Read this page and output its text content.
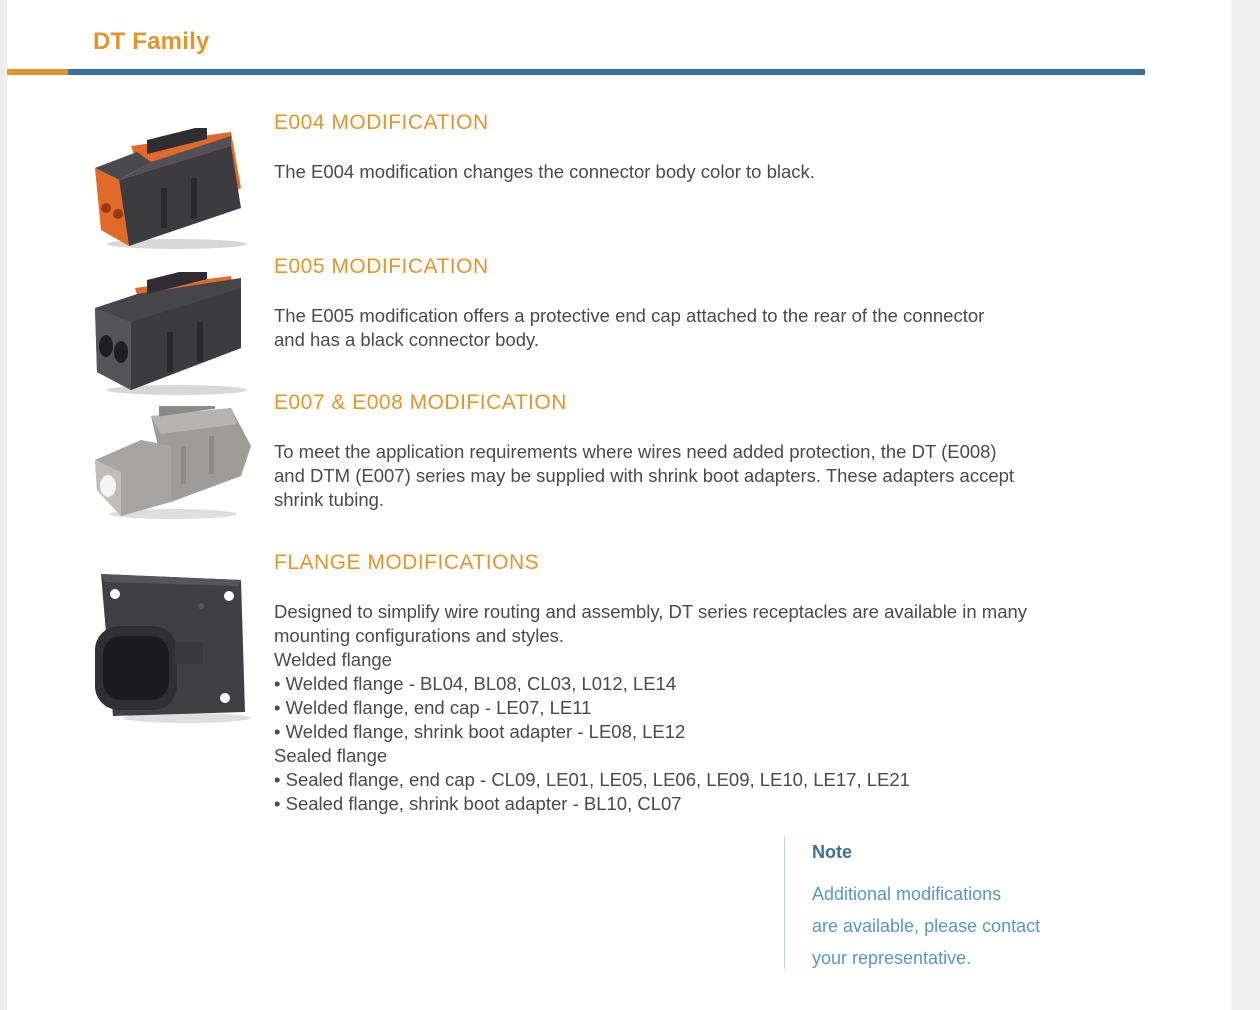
DT Family
E004 MODIFICATION
The E004 modification changes the connector body color to black.
E005 MODIFICATION
The E005 modification offers a protective end cap attached to the rear of the connector
and has a black connector body.
E007 & E008 MODIFICATION
To meet the application requirements where wires need added protection, the DT (E008)
and DTM (E007) series may be supplied with shrink boot adapters. These adapters accept
shrink tubing.
FLANGE MODIFICATIONS
Designed to simplify wire routing and assembly, DT series receptacles are available in many
mounting configurations and styles.
Welded flange
• Welded flange - BL04, BL08, CL03, L012, LE14
• Welded flange, end cap - LE07, LE11
• Welded flange, shrink boot adapter - LE08, LE12
Sealed flange
• Sealed flange, end cap - CL09, LE01, LE05, LE06, LE09, LE10, LE17, LE21
• Sealed flange, shrink boot adapter - BL10, CL07
Note
Additional modifications
are available, please contact
your representative.
